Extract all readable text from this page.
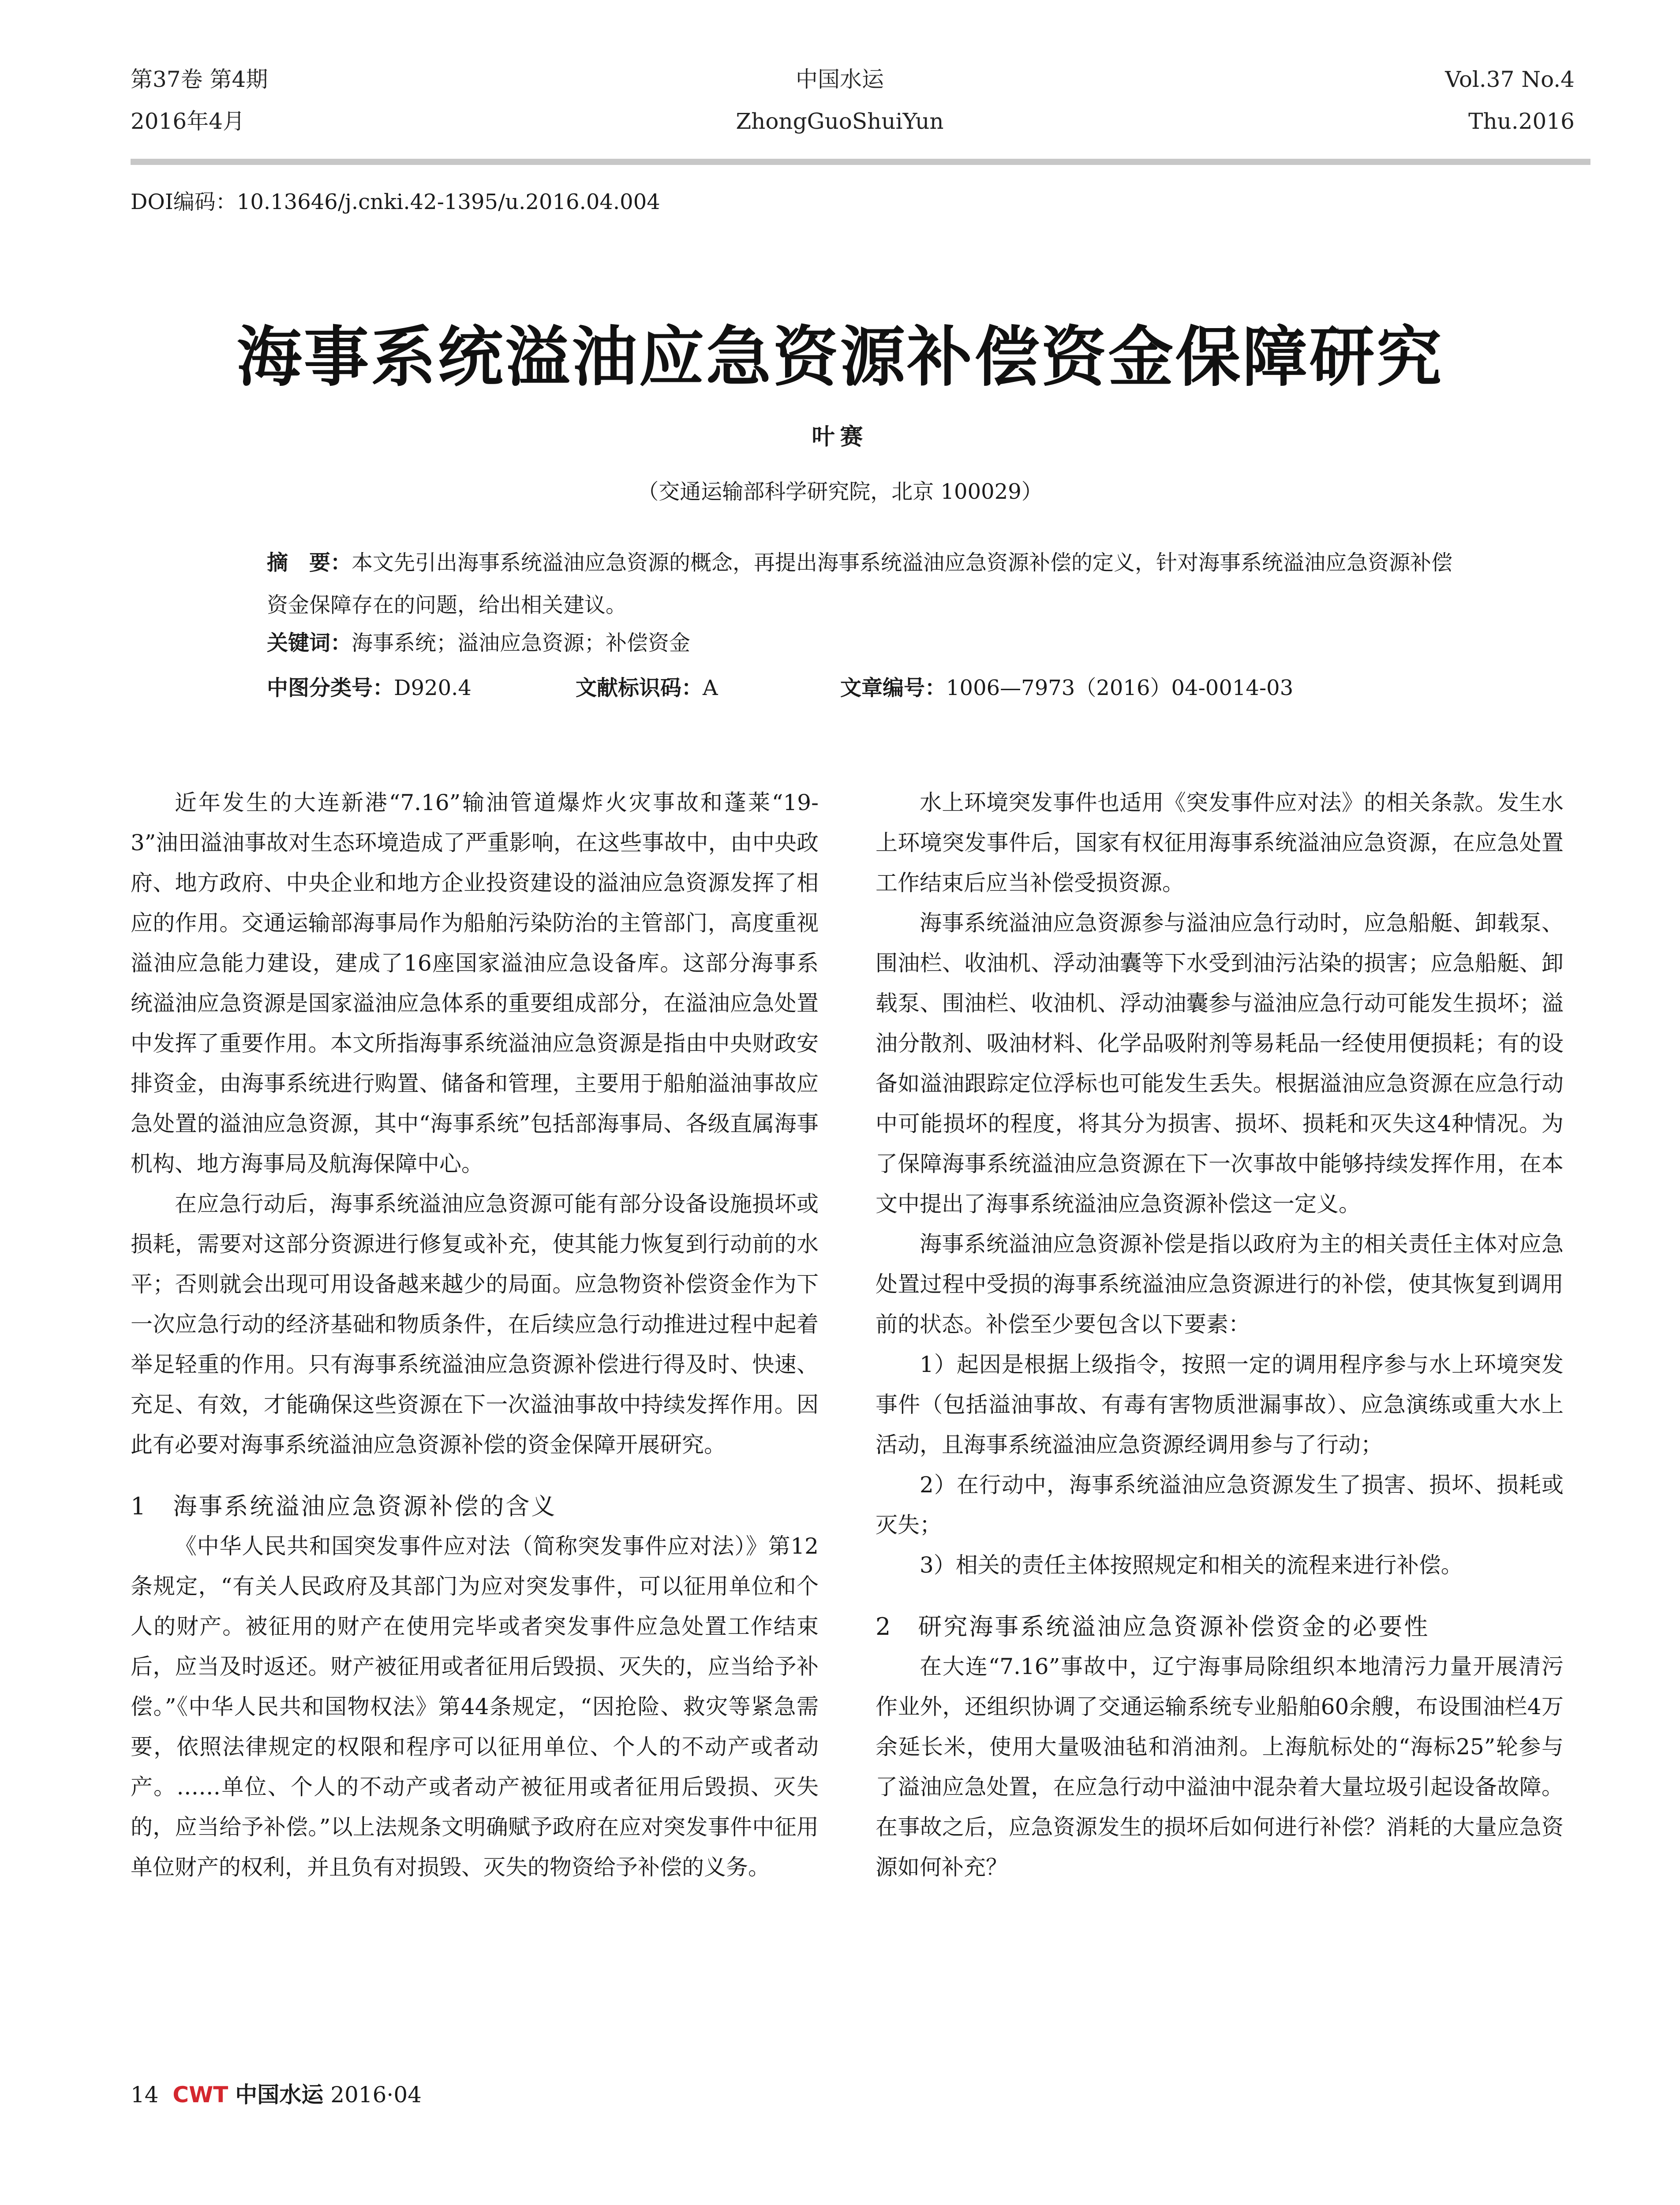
第37卷 第4期
2016年4月
中国水运
ZhongGuoShuiYun
Vol.37 No.4
Thu.2016
DOI编码：10.13646/j.cnki.42-1395/u.2016.04.004
海事系统溢油应急资源补偿资金保障研究
叶赛
（交通运输部科学研究院，北京 100029）
摘　要：本文先引出海事系统溢油应急资源的概念，再提出海事系统溢油应急资源补偿的定义，针对海事系统溢油应急资源补偿资金保障存在的问题，给出相关建议。
关键词：海事系统；溢油应急资源；补偿资金
中图分类号：D920.4	文献标识码：A	文章编号：1006—7973（2016）04-0014-03

近年发生的大连新港“7.16”输油管道爆炸火灾事故和蓬莱“19-3”油田溢油事故对生态环境造成了严重影响，在这些事故中，由中央政府、地方政府、中央企业和地方企业投资建设的溢油应急资源发挥了相应的作用。交通运输部海事局作为船舶污染防治的主管部门，高度重视溢油应急能力建设，建成了16座国家溢油应急设备库。这部分海事系统溢油应急资源是国家溢油应急体系的重要组成部分，在溢油应急处置中发挥了重要作用。本文所指海事系统溢油应急资源是指由中央财政安排资金，由海事系统进行购置、储备和管理，主要用于船舶溢油事故应急处置的溢油应急资源，其中“海事系统”包括部海事局、各级直属海事机构、地方海事局及航海保障中心。

在应急行动后，海事系统溢油应急资源可能有部分设备设施损坏或损耗，需要对这部分资源进行修复或补充，使其能力恢复到行动前的水平；否则就会出现可用设备越来越少的局面。应急物资补偿资金作为下一次应急行动的经济基础和物质条件，在后续应急行动推进过程中起着举足轻重的作用。只有海事系统溢油应急资源补偿进行得及时、快速、充足、有效，才能确保这些资源在下一次溢油事故中持续发挥作用。因此有必要对海事系统溢油应急资源补偿的资金保障开展研究。

1　海事系统溢油应急资源补偿的含义

《中华人民共和国突发事件应对法（简称突发事件应对法）》第12条规定，“有关人民政府及其部门为应对突发事件，可以征用单位和个人的财产。被征用的财产在使用完毕或者突发事件应急处置工作结束后，应当及时返还。财产被征用或者征用后毁损、灭失的，应当给予补偿。”《中华人民共和国物权法》第44条规定，“因抢险、救灾等紧急需要，依照法律规定的权限和程序可以征用单位、个人的不动产或者动产。……单位、个人的不动产或者动产被征用或者征用后毁损、灭失的，应当给予补偿。”以上法规条文明确赋予政府在应对突发事件中征用单位财产的权利，并且负有对损毁、灭失的物资给予补偿的义务。

水上环境突发事件也适用《突发事件应对法》的相关条款。发生水上环境突发事件后，国家有权征用海事系统溢油应急资源，在应急处置工作结束后应当补偿受损资源。

海事系统溢油应急资源参与溢油应急行动时，应急船艇、卸载泵、围油栏、收油机、浮动油囊等下水受到油污沾染的损害；应急船艇、卸载泵、围油栏、收油机、浮动油囊参与溢油应急行动可能发生损坏；溢油分散剂、吸油材料、化学品吸附剂等易耗品一经使用便损耗；有的设备如溢油跟踪定位浮标也可能发生丢失。根据溢油应急资源在应急行动中可能损坏的程度，将其分为损害、损坏、损耗和灭失这4种情况。为了保障海事系统溢油应急资源在下一次事故中能够持续发挥作用，在本文中提出了海事系统溢油应急资源补偿这一定义。

海事系统溢油应急资源补偿是指以政府为主的相关责任主体对应急处置过程中受损的海事系统溢油应急资源进行的补偿，使其恢复到调用前的状态。补偿至少要包含以下要素：

1）起因是根据上级指令，按照一定的调用程序参与水上环境突发事件（包括溢油事故、有毒有害物质泄漏事故）、应急演练或重大水上活动，且海事系统溢油应急资源经调用参与了行动；

2）在行动中，海事系统溢油应急资源发生了损害、损坏、损耗或灭失；

3）相关的责任主体按照规定和相关的流程来进行补偿。

2　研究海事系统溢油应急资源补偿资金的必要性

在大连“7.16”事故中，辽宁海事局除组织本地清污力量开展清污作业外，还组织协调了交通运输系统专业船舶60余艘，布设围油栏4万余延长米，使用大量吸油毡和消油剂。上海航标处的“海标25”轮参与了溢油应急处置，在应急行动中溢油中混杂着大量垃圾引起设备故障。在事故之后，应急资源发生的损坏后如何进行补偿？消耗的大量应急资源如何补充？

14 CWT 中国水运 2016·04
